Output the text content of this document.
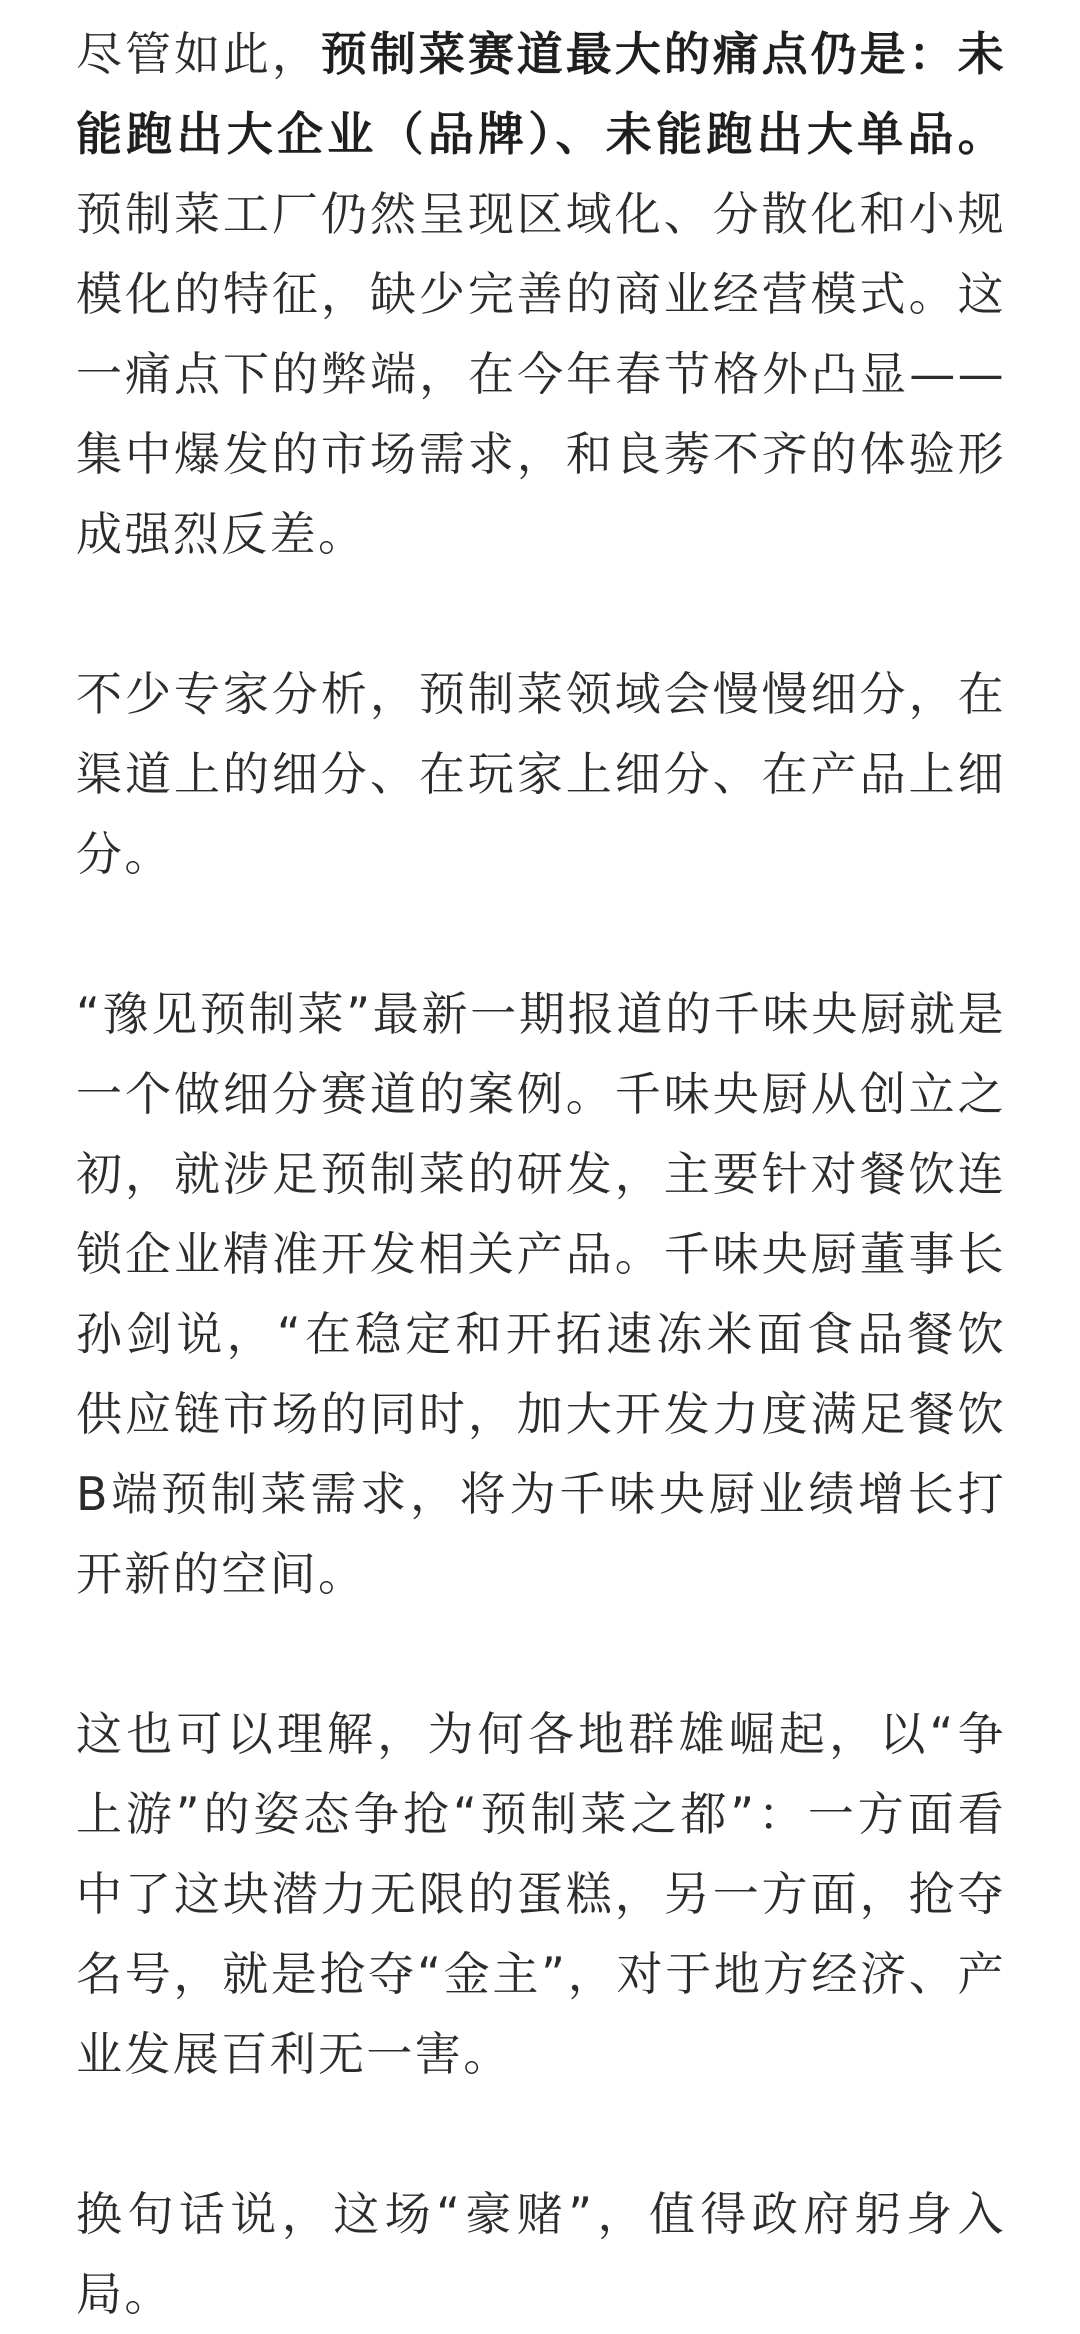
尽管如此，预制菜赛道最大的痛点仍是：未能跑出大企业（品牌）、未能跑出大单品。预制菜工厂仍然呈现区域化、分散化和小规模化的特征，缺少完善的商业经营模式。这一痛点下的弊端，在今年春节格外凸显——集中爆发的市场需求，和良莠不齐的体验形成强烈反差。

不少专家分析，预制菜领域会慢慢细分，在渠道上的细分、在玩家上细分、在产品上细分。

“豫见预制菜”最新一期报道的千味央厨就是一个做细分赛道的案例。千味央厨从创立之初，就涉足预制菜的研发，主要针对餐饮连锁企业精准开发相关产品。千味央厨董事长孙剑说，“在稳定和开拓速冻米面食品餐饮供应链市场的同时，加大开发力度满足餐饮B端预制菜需求，将为千味央厨业绩增长打开新的空间。

这也可以理解，为何各地群雄崛起，以“争上游”的姿态争抢“预制菜之都”：一方面看中了这块潜力无限的蛋糕，另一方面，抢夺名号，就是抢夺“金主”，对于地方经济、产业发展百利无一害。

换句话说，这场“豪赌”，值得政府躬身入局。
